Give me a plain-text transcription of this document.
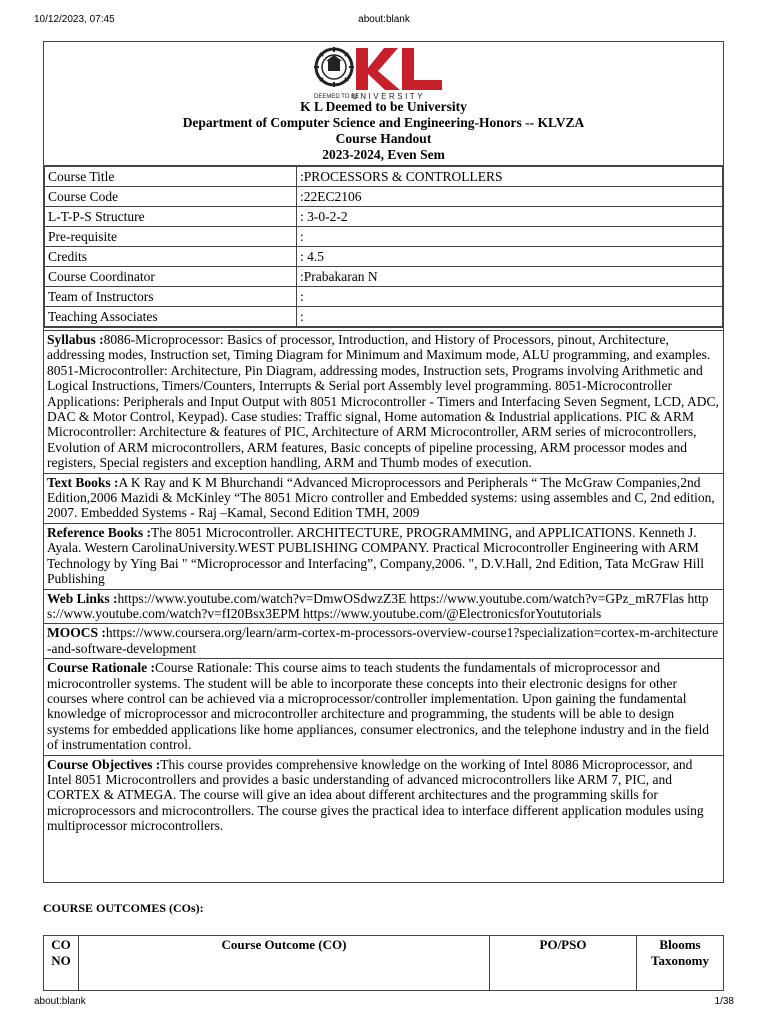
10/12/2023, 07:45	about:blank
DEEMED TO BE
UNIVERSITY
K L Deemed to be University
Department of Computer Science and Engineering-Honors -- KLVZA
Course Handout
2023-2024, Even Sem
Course Title	:PROCESSORS & CONTROLLERS
Course Code	:22EC2106
L-T-P-S Structure	: 3-0-2-2
Pre-requisite	:
Credits	: 4.5
Course Coordinator	:Prabakaran N
Team of Instructors	:
Teaching Associates	:
Syllabus :8086-Microprocessor: Basics of processor, Introduction, and History of Processors, pinout, Architecture, addressing modes, Instruction set, Timing Diagram for Minimum and Maximum mode, ALU programming, and examples. 8051-Microcontroller: Architecture, Pin Diagram, addressing modes, Instruction sets, Programs involving Arithmetic and Logical Instructions, Timers/Counters, Interrupts & Serial port Assembly level programming. 8051-Microcontroller Applications: Peripherals and Input Output with 8051 Microcontroller - Timers and Interfacing Seven Segment, LCD, ADC, DAC & Motor Control, Keypad). Case studies: Traffic signal, Home automation & Industrial applications. PIC & ARM Microcontroller: Architecture & features of PIC, Architecture of ARM Microcontroller, ARM series of microcontrollers, Evolution of ARM microcontrollers, ARM features, Basic concepts of pipeline processing, ARM processor modes and registers, Special registers and exception handling, ARM and Thumb modes of execution.
Text Books :A K Ray and K M Bhurchandi “Advanced Microprocessors and Peripherals “ The McGraw Companies,2nd Edition,2006 Mazidi & McKinley “The 8051 Micro controller and Embedded systems: using assembles and C, 2nd edition, 2007. Embedded Systems - Raj –Kamal, Second Edition TMH, 2009
Reference Books :The 8051 Microcontroller. ARCHITECTURE, PROGRAMMING, and APPLICATIONS. Kenneth J. Ayala. Western CarolinaUniversity.WEST PUBLISHING COMPANY. Practical Microcontroller Engineering with ARM Technology by Ying Bai " “Microprocessor and Interfacing”, Company,2006. ", D.V.Hall, 2nd Edition, Tata McGraw Hill Publishing
Web Links :https://www.youtube.com/watch?v=DmwOSdwzZ3E https://www.youtube.com/watch?v=GPz_mR7Flas https://www.youtube.com/watch?v=fI20Bsx3EPM https://www.youtube.com/@ElectronicsforYoututorials
MOOCS :https://www.coursera.org/learn/arm-cortex-m-processors-overview-course1?specialization=cortex-m-architecture-and-software-development
Course Rationale :Course Rationale: This course aims to teach students the fundamentals of microprocessor and microcontroller systems. The student will be able to incorporate these concepts into their electronic designs for other courses where control can be achieved via a microprocessor/controller implementation. Upon gaining the fundamental knowledge of microprocessor and microcontroller architecture and programming, the students will be able to design systems for embedded applications like home appliances, consumer electronics, and the telephone industry and in the field of instrumentation control.
Course Objectives :This course provides comprehensive knowledge on the working of Intel 8086 Microprocessor, and Intel 8051 Microcontrollers and provides a basic understanding of advanced microcontrollers like ARM 7, PIC, and CORTEX & ATMEGA. The course will give an idea about different architectures and the programming skills for microprocessors and microcontrollers. The course gives the practical idea to interface different application modules using multiprocessor microcontrollers.
COURSE OUTCOMES (COs):
CO NO	Course Outcome (CO)	PO/PSO	Blooms Taxonomy
about:blank	1/38
